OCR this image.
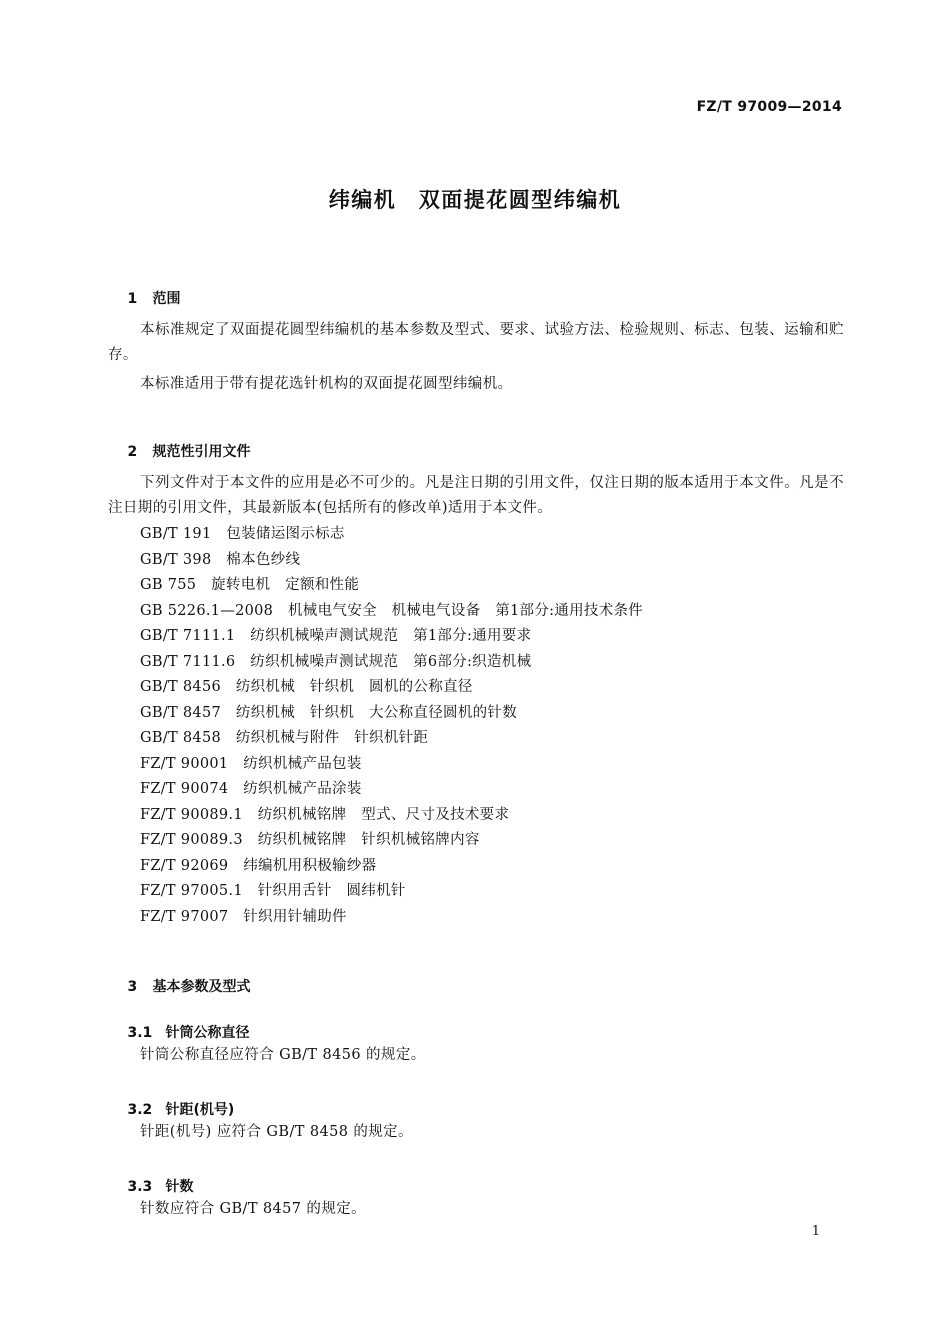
FZ/T 97009—2014
纬编机　双面提花圆型纬编机

1 范围

本标准规定了双面提花圆型纬编机的基本参数及型式、要求、试验方法、检验规则、标志、包装、运输和贮存。

本标准适用于带有提花选针机构的双面提花圆型纬编机。

2 规范性引用文件

下列文件对于本文件的应用是必不可少的。凡是注日期的引用文件，仅注日期的版本适用于本文件。凡是不注日期的引用文件，其最新版本(包括所有的修改单)适用于本文件。

GB/T 191　 包装储运图示标志
GB/T 398　 棉本色纱线
GB 755　 旋转电机　定额和性能
GB 5226.1—2008　 机械电气安全　机械电气设备　第1部分:通用技术条件
GB/T 7111.1　 纺织机械噪声测试规范　第1部分:通用要求
GB/T 7111.6　 纺织机械噪声测试规范　第6部分:织造机械
GB/T 8456　 纺织机械　针织机　圆机的公称直径
GB/T 8457　 纺织机械　针织机　大公称直径圆机的针数
GB/T 8458　 纺织机械与附件　针织机针距
FZ/T 90001　 纺织机械产品包装
FZ/T 90074　 纺织机械产品涂装
FZ/T 90089.1　 纺织机械铭牌　型式、尺寸及技术要求
FZ/T 90089.3　 纺织机械铭牌　针织机械铭牌内容
FZ/T 92069　 纬编机用积极输纱器
FZ/T 97005.1　 针织用舌针　圆纬机针
FZ/T 97007　 针织用针辅助件

3 基本参数及型式

3.1 针筒公称直径

针筒公称直径应符合 GB/T 8456 的规定。

3.2 针距(机号)

针距(机号) 应符合 GB/T 8458 的规定。

3.3 针数

针数应符合 GB/T 8457 的规定。
1
